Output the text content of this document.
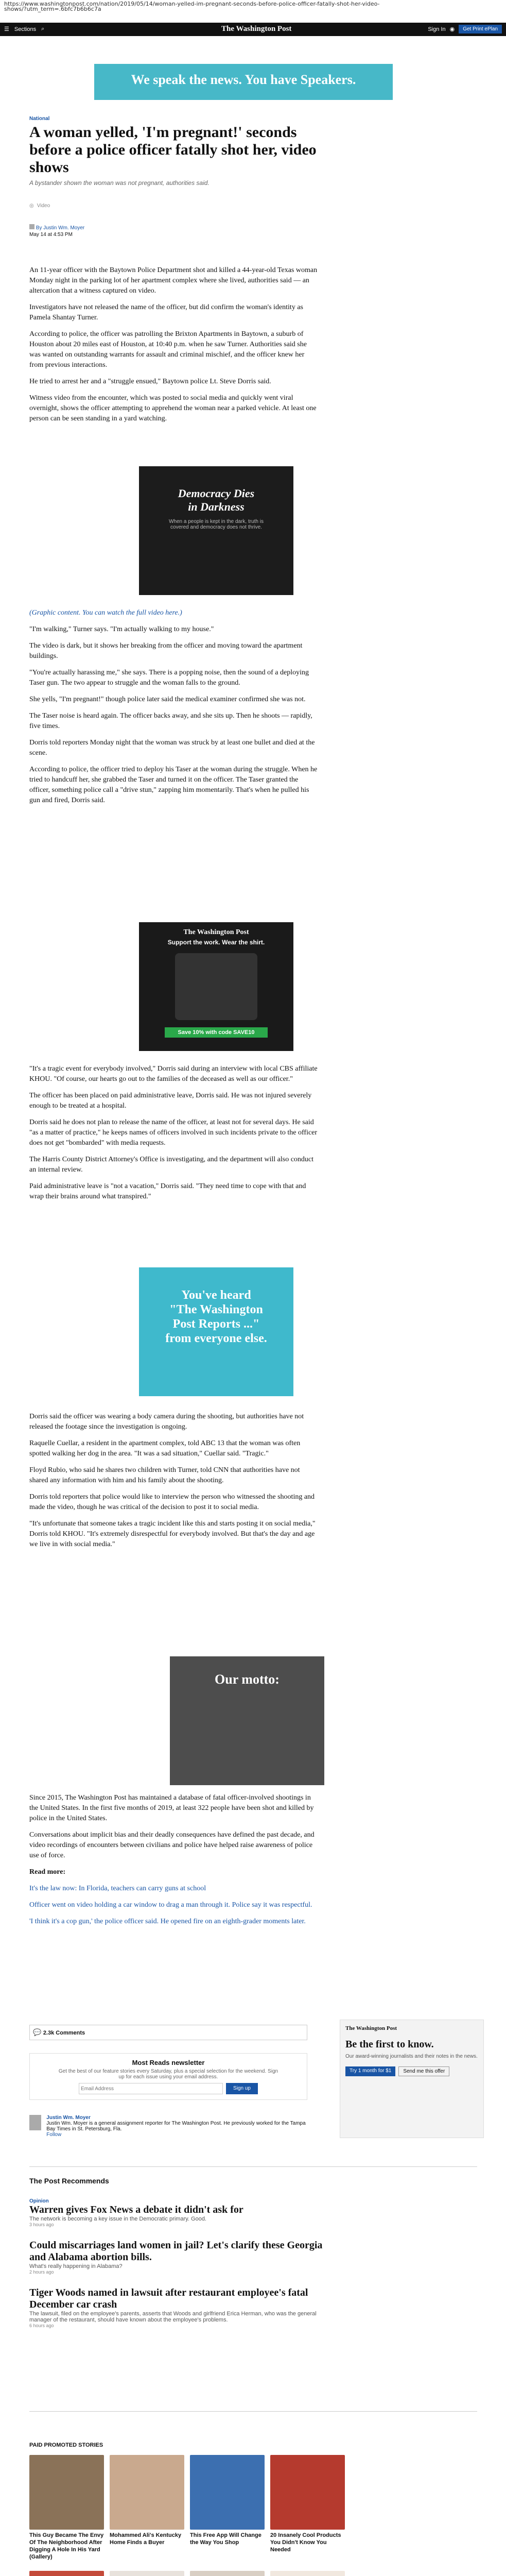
https://www.washingtonpost.com/nation/2019/05/14/woman-yelled-im-pregnant-seconds-before-police-officer-fatally-shot-her-video-
shows/?utm_term=.6bfc7b6b6c7a
☰ Sections ⌕	The Washington Post	Sign In ◉	Get Print ePlan
We speak the news. You have Speakers.
National
A woman yelled, 'I'm pregnant!' seconds before a police officer fatally shot her, video shows
A bystander shown the woman was not pregnant, authorities said.
◎ Video
By Justin Wm. Moyer
May 14 at 4:53 PM

An 11-year officer with the Baytown Police Department shot and killed a 44-year-old Texas woman Monday night in the parking lot of her apartment complex where she lived, authorities said — an altercation that a witness captured on video.

Investigators have not released the name of the officer, but did confirm the woman's identity as Pamela Shantay Turner.

According to police, the officer was patrolling the Brixton Apartments in Baytown, a suburb of Houston about 20 miles east of Houston, at 10:40 p.m. when he saw Turner. Authorities said she was wanted on outstanding warrants for assault and criminal mischief, and the officer knew her from previous interactions.

He tried to arrest her and a "struggle ensued," Baytown police Lt. Steve Dorris said.

Witness video from the encounter, which was posted to social media and quickly went viral overnight, shows the officer attempting to apprehend the woman near a parked vehicle. At least one person can be seen standing in a yard watching.

Democracy Dies
in Darkness
When a people is kept in the dark, truth is covered and democracy does not thrive.

(Graphic content. You can watch the full video here.)

"I'm walking," Turner says. "I'm actually walking to my house."

The video is dark, but it shows her breaking from the officer and moving toward the apartment buildings.

"You're actually harassing me," she says. There is a popping noise, then the sound of a deploying Taser gun. The two appear to struggle and the woman falls to the ground.

She yells, "I'm pregnant!" though police later said the medical examiner confirmed she was not.

The Taser noise is heard again. The officer backs away, and she sits up. Then he shoots — rapidly, five times.

Dorris told reporters Monday night that the woman was struck by at least one bullet and died at the scene.

According to police, the officer tried to deploy his Taser at the woman during the struggle. When he tried to handcuff her, she grabbed the Taser and turned it on the officer. The Taser granted the officer, something police call a "drive stun," zapping him momentarily. That's when he pulled his gun and fired, Dorris said.

The Washington Post
Support the work. Wear the shirt.
Save 10% with code SAVE10

"It's a tragic event for everybody involved," Dorris said during an interview with local CBS affiliate KHOU. "Of course, our hearts go out to the families of the deceased as well as our officer."

The officer has been placed on paid administrative leave, Dorris said. He was not injured severely enough to be treated at a hospital.

Dorris said he does not plan to release the name of the officer, at least not for several days. He said "as a matter of practice," he keeps names of officers involved in such incidents private to the officer does not get "bombarded" with media requests.

The Harris County District Attorney's Office is investigating, and the department will also conduct an internal review.

Paid administrative leave is "not a vacation," Dorris said. "They need time to cope with that and wrap their brains around what transpired."

You've heard
"The Washington
Post Reports ..."
from everyone else.

Dorris said the officer was wearing a body camera during the shooting, but authorities have not released the footage since the investigation is ongoing.

Raquelle Cuellar, a resident in the apartment complex, told ABC 13 that the woman was often spotted walking her dog in the area. "It was a sad situation," Cuellar said. "Tragic."

Floyd Rubio, who said he shares two children with Turner, told CNN that authorities have not shared any information with him and his family about the shooting.

Dorris told reporters that police would like to interview the person who witnessed the shooting and made the video, though he was critical of the decision to post it to social media.

"It's unfortunate that someone takes a tragic incident like this and starts posting it on social media," Dorris told KHOU. "It's extremely disrespectful for everybody involved. But that's the day and age we live in with social media."

Our motto:

Since 2015, The Washington Post has maintained a database of fatal officer-involved shootings in the United States. In the first five months of 2019, at least 322 people have been shot and killed by police in the United States.

Conversations about implicit bias and their deadly consequences have defined the past decade, and video recordings of encounters between civilians and police have helped raise awareness of police use of force.

Read more:

It's the law now: In Florida, teachers can carry guns at school

Officer went on video holding a car window to drag a man through it. Police say it was respectful.

'I think it's a cop gun,' the police officer said. He opened fire on an eighth-grader moments later.

💬 2.3k Comments
Most Reads newsletter
Get the best of our feature stories every Saturday, plus a special selection for the weekend. Sign up for each issue using your email address.
Email Address
Sign up
Justin Wm. Moyer
Justin Wm. Moyer is a general assignment reporter for The Washington Post. He previously worked for the Tampa Bay Times in St. Petersburg, Fla.
Follow
The Washington Post
Be the first to know.
Our award-winning journalists and their notes in the news.
Try 1 month for $1	Send me this offer
The Post Recommends
Opinion
Warren gives Fox News a debate it didn't ask for
The network is becoming a key issue in the Democratic primary. Good.
3 hours ago
Could miscarriages land women in jail? Let's clarify these Georgia and Alabama abortion bills.
What's really happening in Alabama?
2 hours ago
Tiger Woods named in lawsuit after restaurant employee's fatal December car crash
The lawsuit, filed on the employee's parents, asserts that Woods and girlfriend Erica Herman, who was the general manager of the restaurant, should have known about the employee's problems.
6 hours ago
PAID PROMOTED STORIES
This Guy Became The Envy Of The Neighborhood After Digging A Hole In His Yard (Gallery)
Mohammed Ali's Kentucky Home Finds a Buyer
This Free App Will Change the Way You Shop
20 Insanely Cool Products You Didn't Know You Needed
